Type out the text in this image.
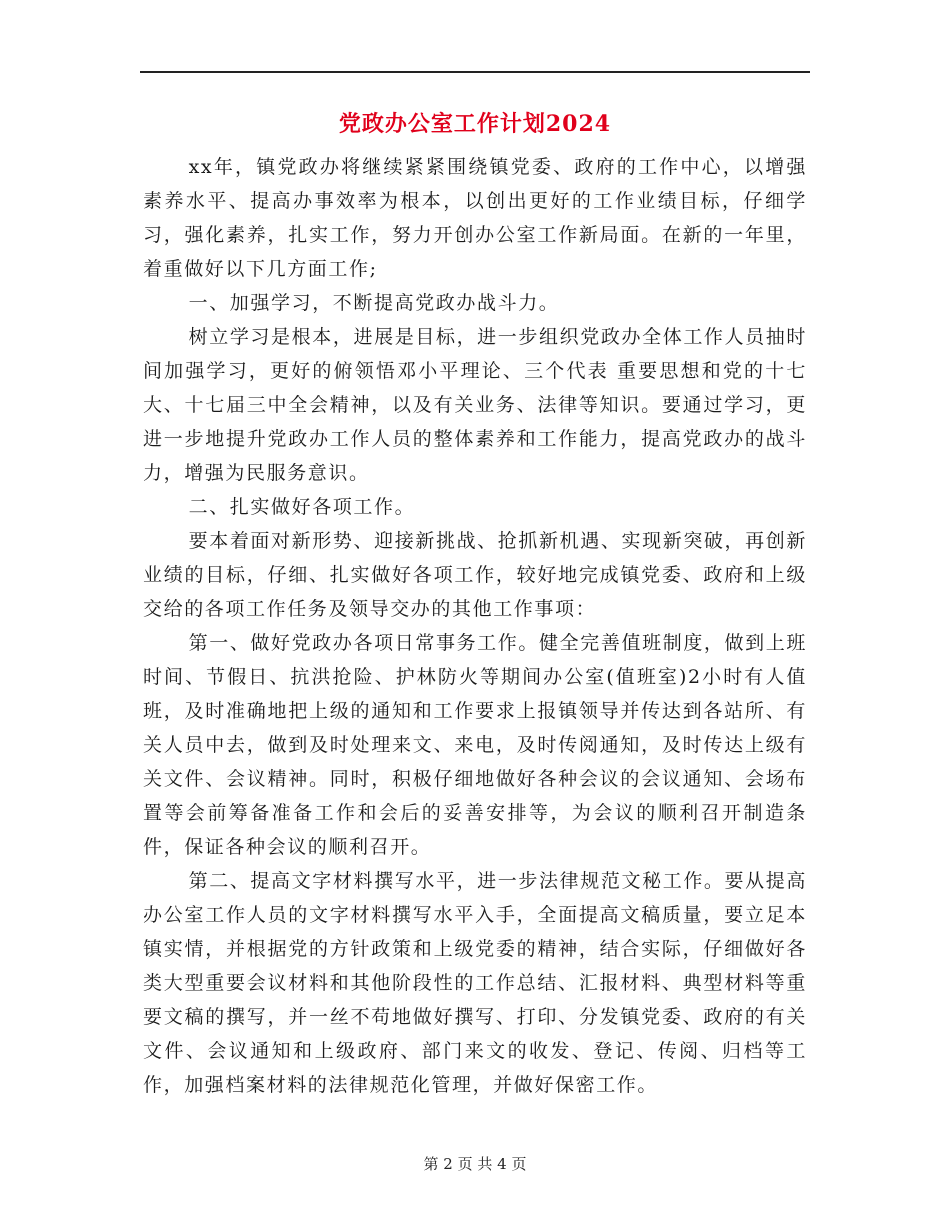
党政办公室工作计划2024

xx年，镇党政办将继续紧紧围绕镇党委、政府的工作中心，以增强素养水平、提高办事效率为根本，以创出更好的工作业绩目标，仔细学习，强化素养，扎实工作，努力开创办公室工作新局面。在新的一年里，着重做好以下几方面工作;

一、加强学习，不断提高党政办战斗力。

树立学习是根本，进展是目标，进一步组织党政办全体工作人员抽时间加强学习，更好的俯领悟邓小平理论、三个代表 重要思想和党的十七大、十七届三中全会精神，以及有关业务、法律等知识。要通过学习，更进一步地提升党政办工作人员的整体素养和工作能力，提高党政办的战斗力，增强为民服务意识。

二、扎实做好各项工作。

要本着面对新形势、迎接新挑战、抢抓新机遇、实现新突破，再创新业绩的目标，仔细、扎实做好各项工作，较好地完成镇党委、政府和上级交给的各项工作任务及领导交办的其他工作事项：

第一、做好党政办各项日常事务工作。健全完善值班制度，做到上班时间、节假日、抗洪抢险、护林防火等期间办公室(值班室)2小时有人值班，及时准确地把上级的通知和工作要求上报镇领导并传达到各站所、有关人员中去，做到及时处理来文、来电，及时传阅通知，及时传达上级有关文件、会议精神。同时，积极仔细地做好各种会议的会议通知、会场布置等会前筹备准备工作和会后的妥善安排等，为会议的顺利召开制造条件，保证各种会议的顺利召开。

第二、提高文字材料撰写水平，进一步法律规范文秘工作。要从提高办公室工作人员的文字材料撰写水平入手，全面提高文稿质量，要立足本镇实情，并根据党的方针政策和上级党委的精神，结合实际，仔细做好各类大型重要会议材料和其他阶段性的工作总结、汇报材料、典型材料等重要文稿的撰写，并一丝不苟地做好撰写、打印、分发镇党委、政府的有关文件、会议通知和上级政府、部门来文的收发、登记、传阅、归档等工作，加强档案材料的法律规范化管理，并做好保密工作。

第 2 页 共 4 页
